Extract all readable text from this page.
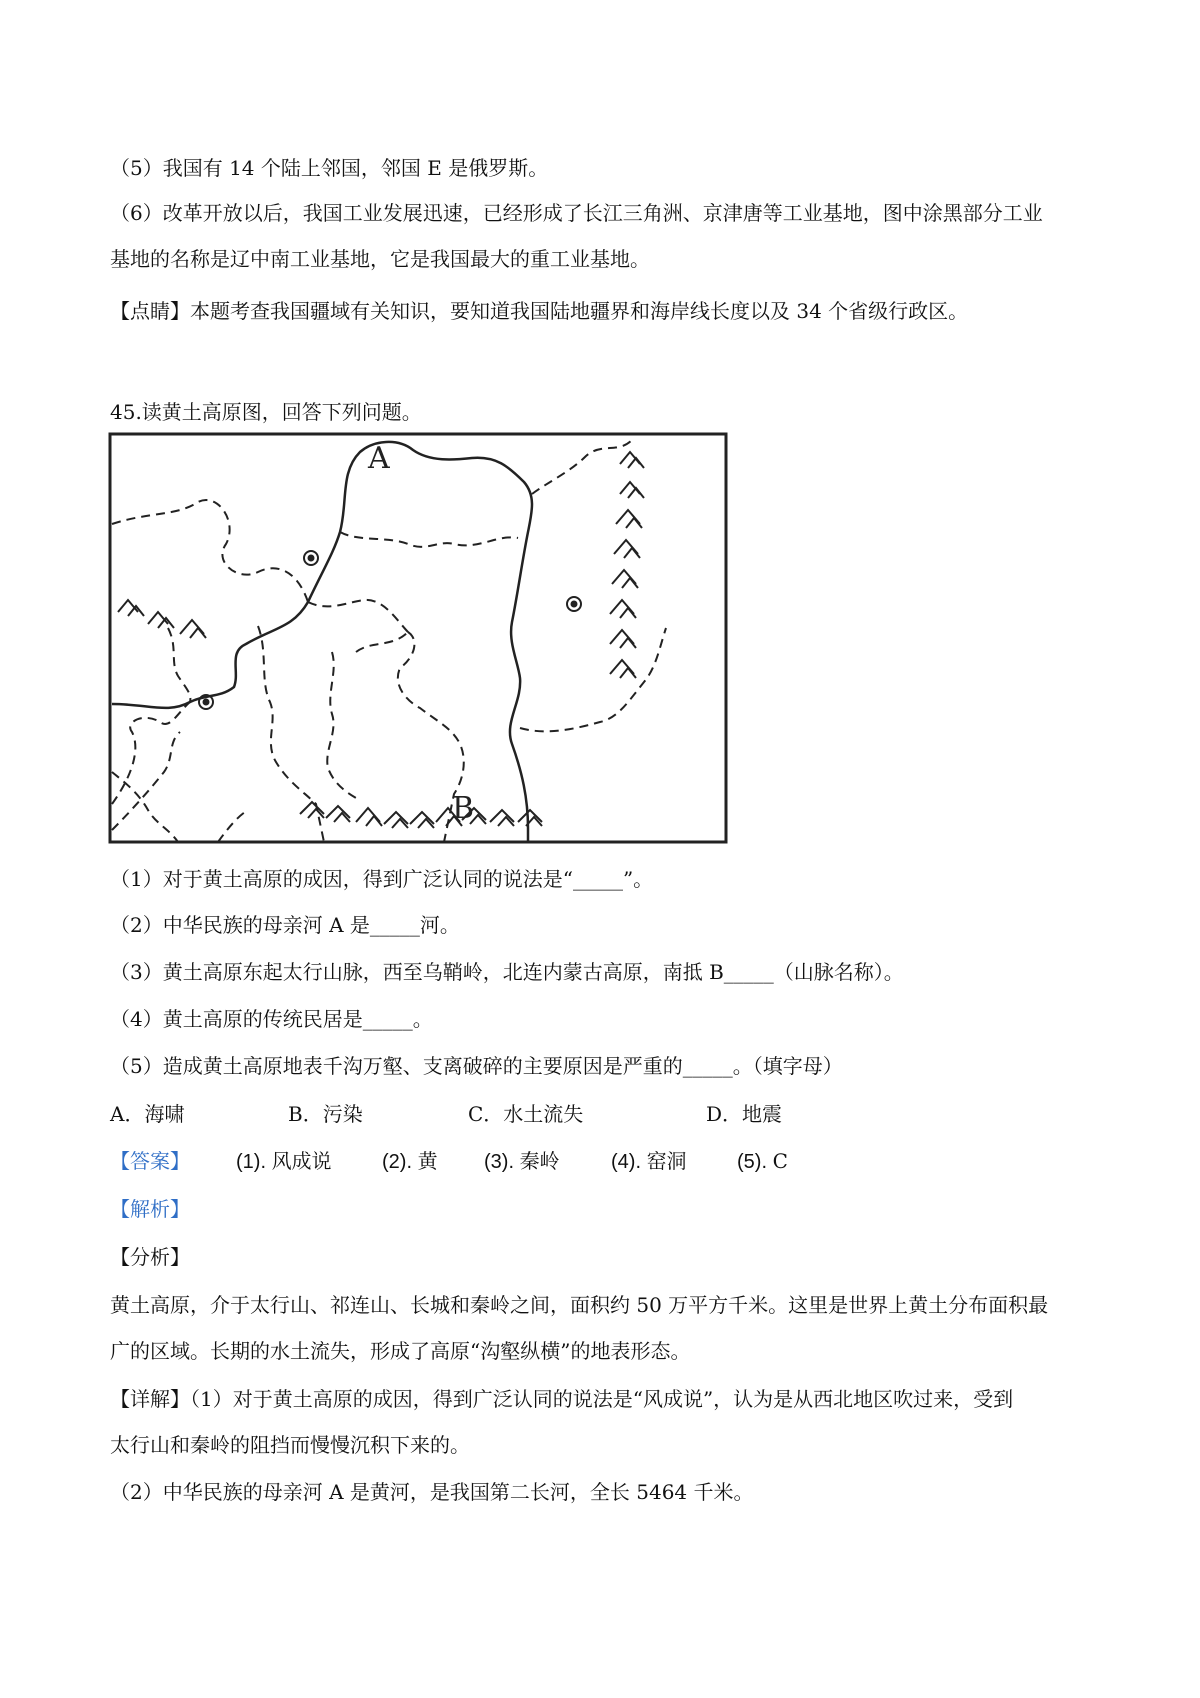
（5）我国有 14 个陆上邻国，邻国 E 是俄罗斯。
（6）改革开放以后，我国工业发展迅速，已经形成了长江三角洲、京津唐等工业基地，图中涂黑部分工业
基地的名称是辽中南工业基地，它是我国最大的重工业基地。
【点睛】本题考查我国疆域有关知识，要知道我国陆地疆界和海岸线长度以及 34 个省级行政区。
45.读黄土高原图，回答下列问题。
A
B
（1）对于黄土高原的成因，得到广泛认同的说法是“_____”。
（2）中华民族的母亲河 A 是_____河。
（3）黄土高原东起太行山脉，西至乌鞘岭，北连内蒙古高原，南抵 B_____（山脉名称）。
（4）黄土高原的传统民居是_____。
（5）造成黄土高原地表千沟万壑、支离破碎的主要原因是严重的_____。（填字母）
A．海啸	B．污染	C．水土流失	D．地震
【答案】 (1). 风成说	(2). 黄 (3). 秦岭	(4). 窑洞	(5). C
【解析】
【分析】
黄土高原，介于太行山、祁连山、长城和秦岭之间，面积约 50 万平方千米。这里是世界上黄土分布面积最
广的区域。长期的水土流失，形成了高原“沟壑纵横”的地表形态。
【详解】（1）对于黄土高原的成因，得到广泛认同的说法是“风成说”，认为是从西北地区吹过来，受到
太行山和秦岭的阻挡而慢慢沉积下来的。
（2）中华民族的母亲河 A 是黄河，是我国第二长河，全长 5464 千米。
